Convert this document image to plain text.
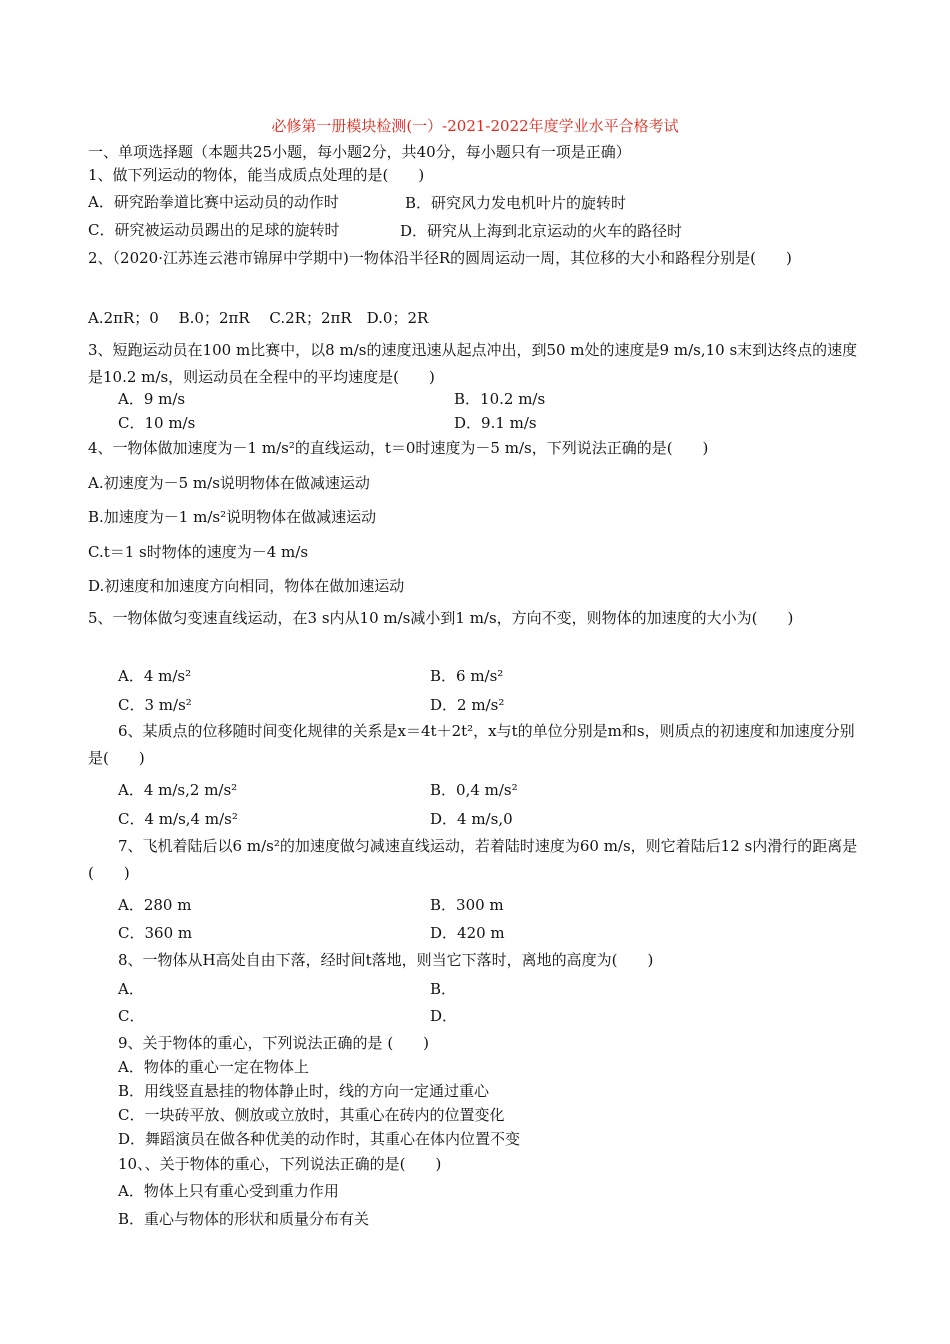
必修第一册模块检测(一）-2021-2022年度学业水平合格考试
一、单项选择题（本题共25小题，每小题2分，共40分，每小题只有一项是正确）
1、做下列运动的物体，能当成质点处理的是(　　)
A．研究跆拳道比赛中运动员的动作时	B．研究风力发电机叶片的旋转时
C．研究被运动员踢出的足球的旋转时	D．研究从上海到北京运动的火车的路径时
2、（2020·江苏连云港市锦屏中学期中)一物体沿半径R的圆周运动一周，其位移的大小和路程分别是(　　)
A.2πR；0　 B.0；2πR　 C.2R；2πR　D.0；2R
3、短跑运动员在100 m比赛中，以8 m/s的速度迅速从起点冲出，到50 m处的速度是9 m/s,10 s末到达终点的速度是10.2 m/s，则运动员在全程中的平均速度是(　　)
A．9 m/s	B．10.2 m/s
C．10 m/s	D．9.1 m/s
4、一物体做加速度为－1 m/s²的直线运动，t＝0时速度为－5 m/s，下列说法正确的是(　　)
A.初速度为－5 m/s说明物体在做减速运动
B.加速度为－1 m/s²说明物体在做减速运动
C.t＝1 s时物体的速度为－4 m/s
D.初速度和加速度方向相同，物体在做加速运动
5、一物体做匀变速直线运动，在3 s内从10 m/s减小到1 m/s，方向不变，则物体的加速度的大小为(　　)
A．4 m/s²	B．6 m/s²
C．3 m/s²	D．2 m/s²
6、某质点的位移随时间变化规律的关系是x＝4t＋2t²，x与t的单位分别是m和s，则质点的初速度和加速度分别是(　　)
A．4 m/s,2 m/s²	B．0,4 m/s²
C．4 m/s,4 m/s²	D．4 m/s,0
7、飞机着陆后以6 m/s²的加速度做匀减速直线运动，若着陆时速度为60 m/s，则它着陆后12 s内滑行的距离是(　　)
A．280 m	B．300 m
C．360 m	D．420 m
8、一物体从H高处自由下落，经时间t落地，则当它下落时，离地的高度为(　　)
A．	B．
C．	D．
9、关于物体的重心，下列说法正确的是 (　　)
A．物体的重心一定在物体上
B．用线竖直悬挂的物体静止时，线的方向一定通过重心
C．一块砖平放、侧放或立放时，其重心在砖内的位置变化
D．舞蹈演员在做各种优美的动作时，其重心在体内位置不变
10、、关于物体的重心，下列说法正确的是(　　)
A．物体上只有重心受到重力作用
B．重心与物体的形状和质量分布有关
